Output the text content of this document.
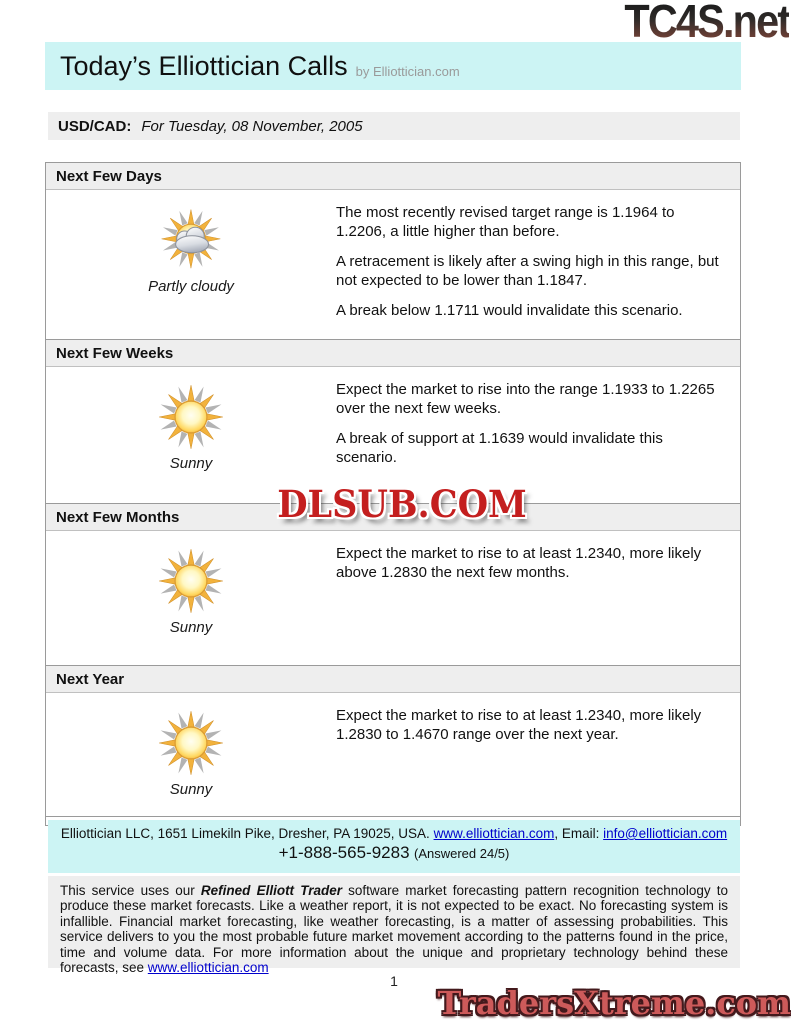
TC4S.net
Today’s Elliottician Calls by Elliottician.com
USD/CAD: For Tuesday, 08 November, 2005
Next Few Days
Partly cloudy

The most recently revised target range is 1.1964 to 1.2206, a little higher than before.

A retracement is likely after a swing high in this range, but not expected to be lower than 1.1847.

A break below 1.1711 would invalidate this scenario.

Next Few Weeks
Sunny

Expect the market to rise into the range 1.1933 to 1.2265 over the next few weeks.

A break of support at 1.1639 would invalidate this scenario.

Next Few Months
Sunny

Expect the market to rise to at least 1.2340, more likely above 1.2830 the next few months.

Next Year
Sunny

Expect the market to rise to at least 1.2340, more likely 1.2830 to 1.4670 range over the next year.

DLSUB.COM
Elliottician LLC, 1651 Limekiln Pike, Dresher, PA 19025, USA. www.elliottician.com, Email: info@elliottician.com
+1-888-565-9283 (Answered 24/5)
This service uses our Refined Elliott Trader software market forecasting pattern recognition technology to produce these market forecasts. Like a weather report, it is not expected to be exact. No forecasting system is infallible. Financial market forecasting, like weather forecasting, is a matter of assessing probabilities. This service delivers to you the most probable future market movement according to the patterns found in the price, time and volume data. For more information about the unique and proprietary technology behind these forecasts, see www.elliottician.com
1
TradersXtreme.com
